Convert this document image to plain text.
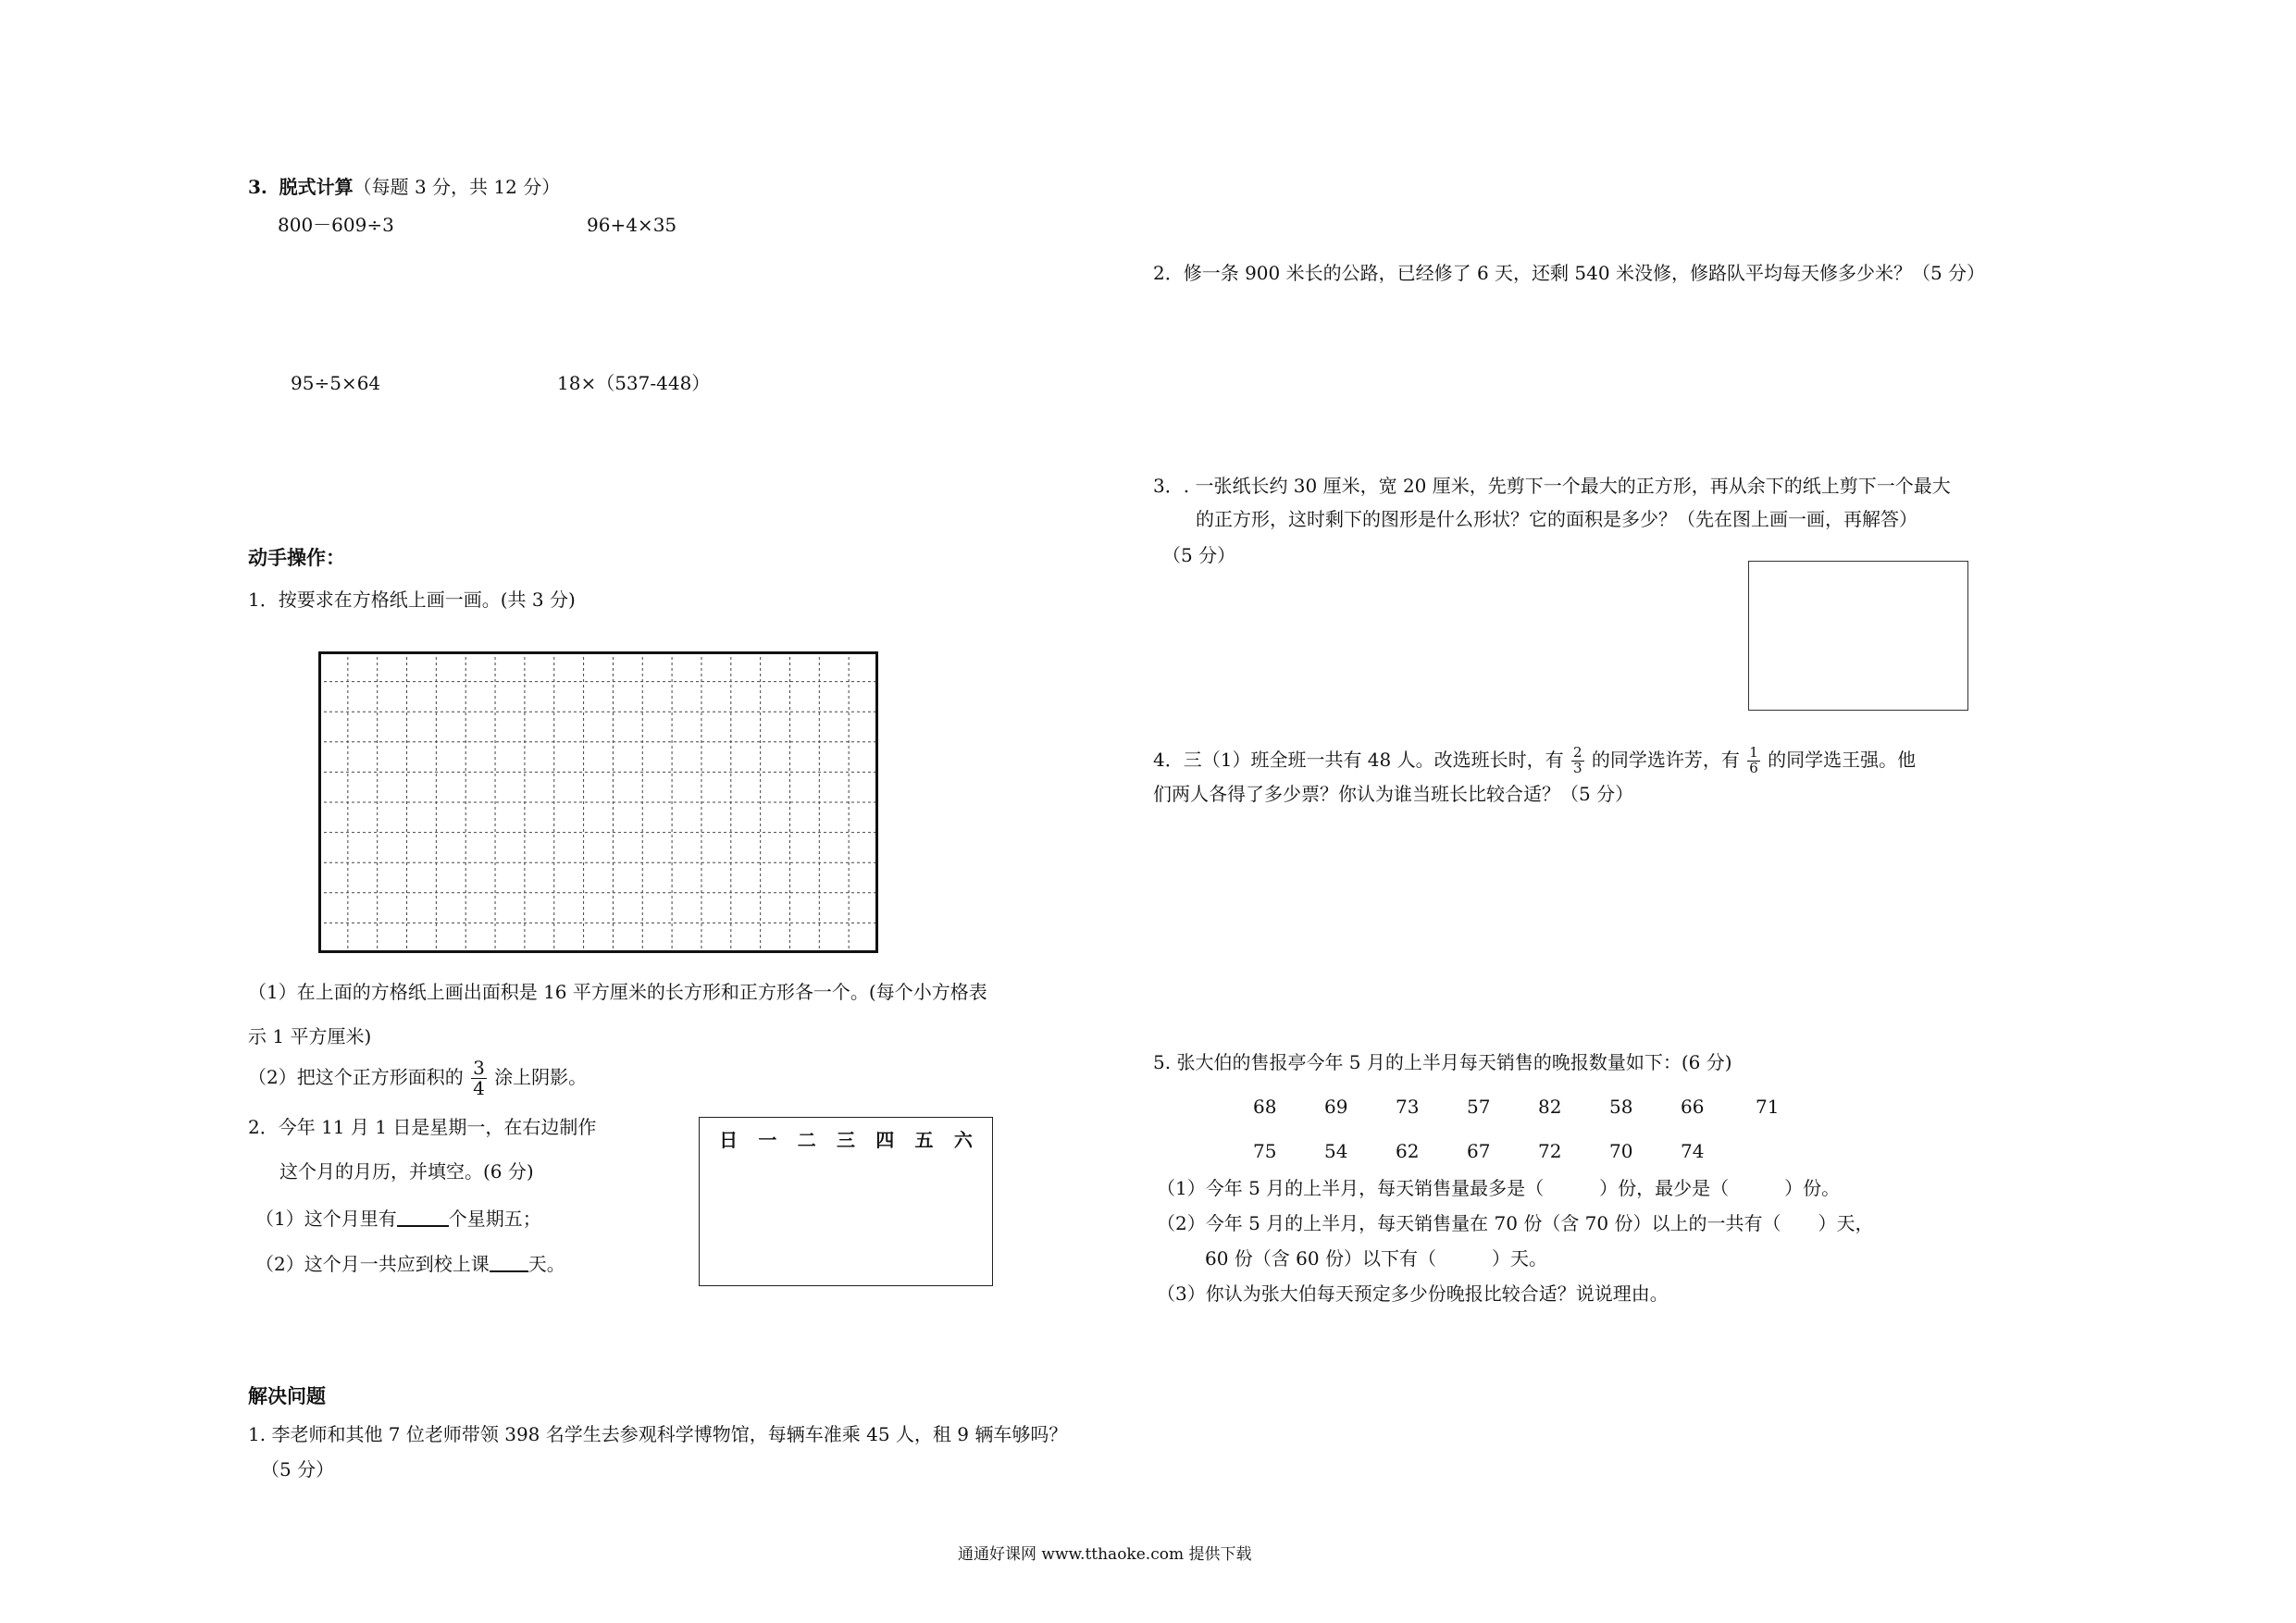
3. 脱式计算（每题 3 分，共 12 分）
800－609÷3	96+4×35
95÷5×64	18×（537-448）
动手操作：
1．按要求在方格纸上画一画。(共 3 分)
（1）在上面的方格纸上画出面积是 16 平方厘米的长方形和正方形各一个。(每个小方格表
示 1 平方厘米)
（2）把这个正方形面积的 $\frac{3}{4}$ 涂上阴影。
2．今年 11 月 1 日是星期一，在右边制作
这个月的月历，并填空。(6 分)
（1）这个月里有	个星期五；
（2）这个月一共应到校上课 天。
日 一 二 三 四 五 六
解决问题
1. 李老师和其他 7 位老师带领 398 名学生去参观科学博物馆，每辆车准乘 45 人，租 9 辆车够吗？
（5 分）
2．修一条 900 米长的公路，已经修了 6 天，还剩 540 米没修，修路队平均每天修多少米？（5 分）
3．. 一张纸长约 30 厘米，宽 20 厘米，先剪下一个最大的正方形，再从余下的纸上剪下一个最大
的正方形，这时剩下的图形是什么形状？它的面积是多少？（先在图上画一画，再解答）
（5 分）
4．三（1）班全班一共有 48 人。改选班长时，有 $\frac{2}{3}$ 的同学选许芳，有 $\frac{1}{6}$ 的同学选王强。他
们两人各得了多少票？你认为谁当班长比较合适？（5 分）
5. 张大伯的售报亭今年 5 月的上半月每天销售的晚报数量如下：(6 分)
68	69	73	57	82	58	66	71
75	54	62	67	72	70	74
（1）今年 5 月的上半月，每天销售量最多是（　　　）份，最少是（　　　）份。
（2）今年 5 月的上半月，每天销售量在 70 份（含 70 份）以上的一共有（　　）天，
60 份（含 60 份）以下有（　　　）天。
（3）你认为张大伯每天预定多少份晚报比较合适？说说理由。
通通好课网 www.tthaoke.com 提供下载
